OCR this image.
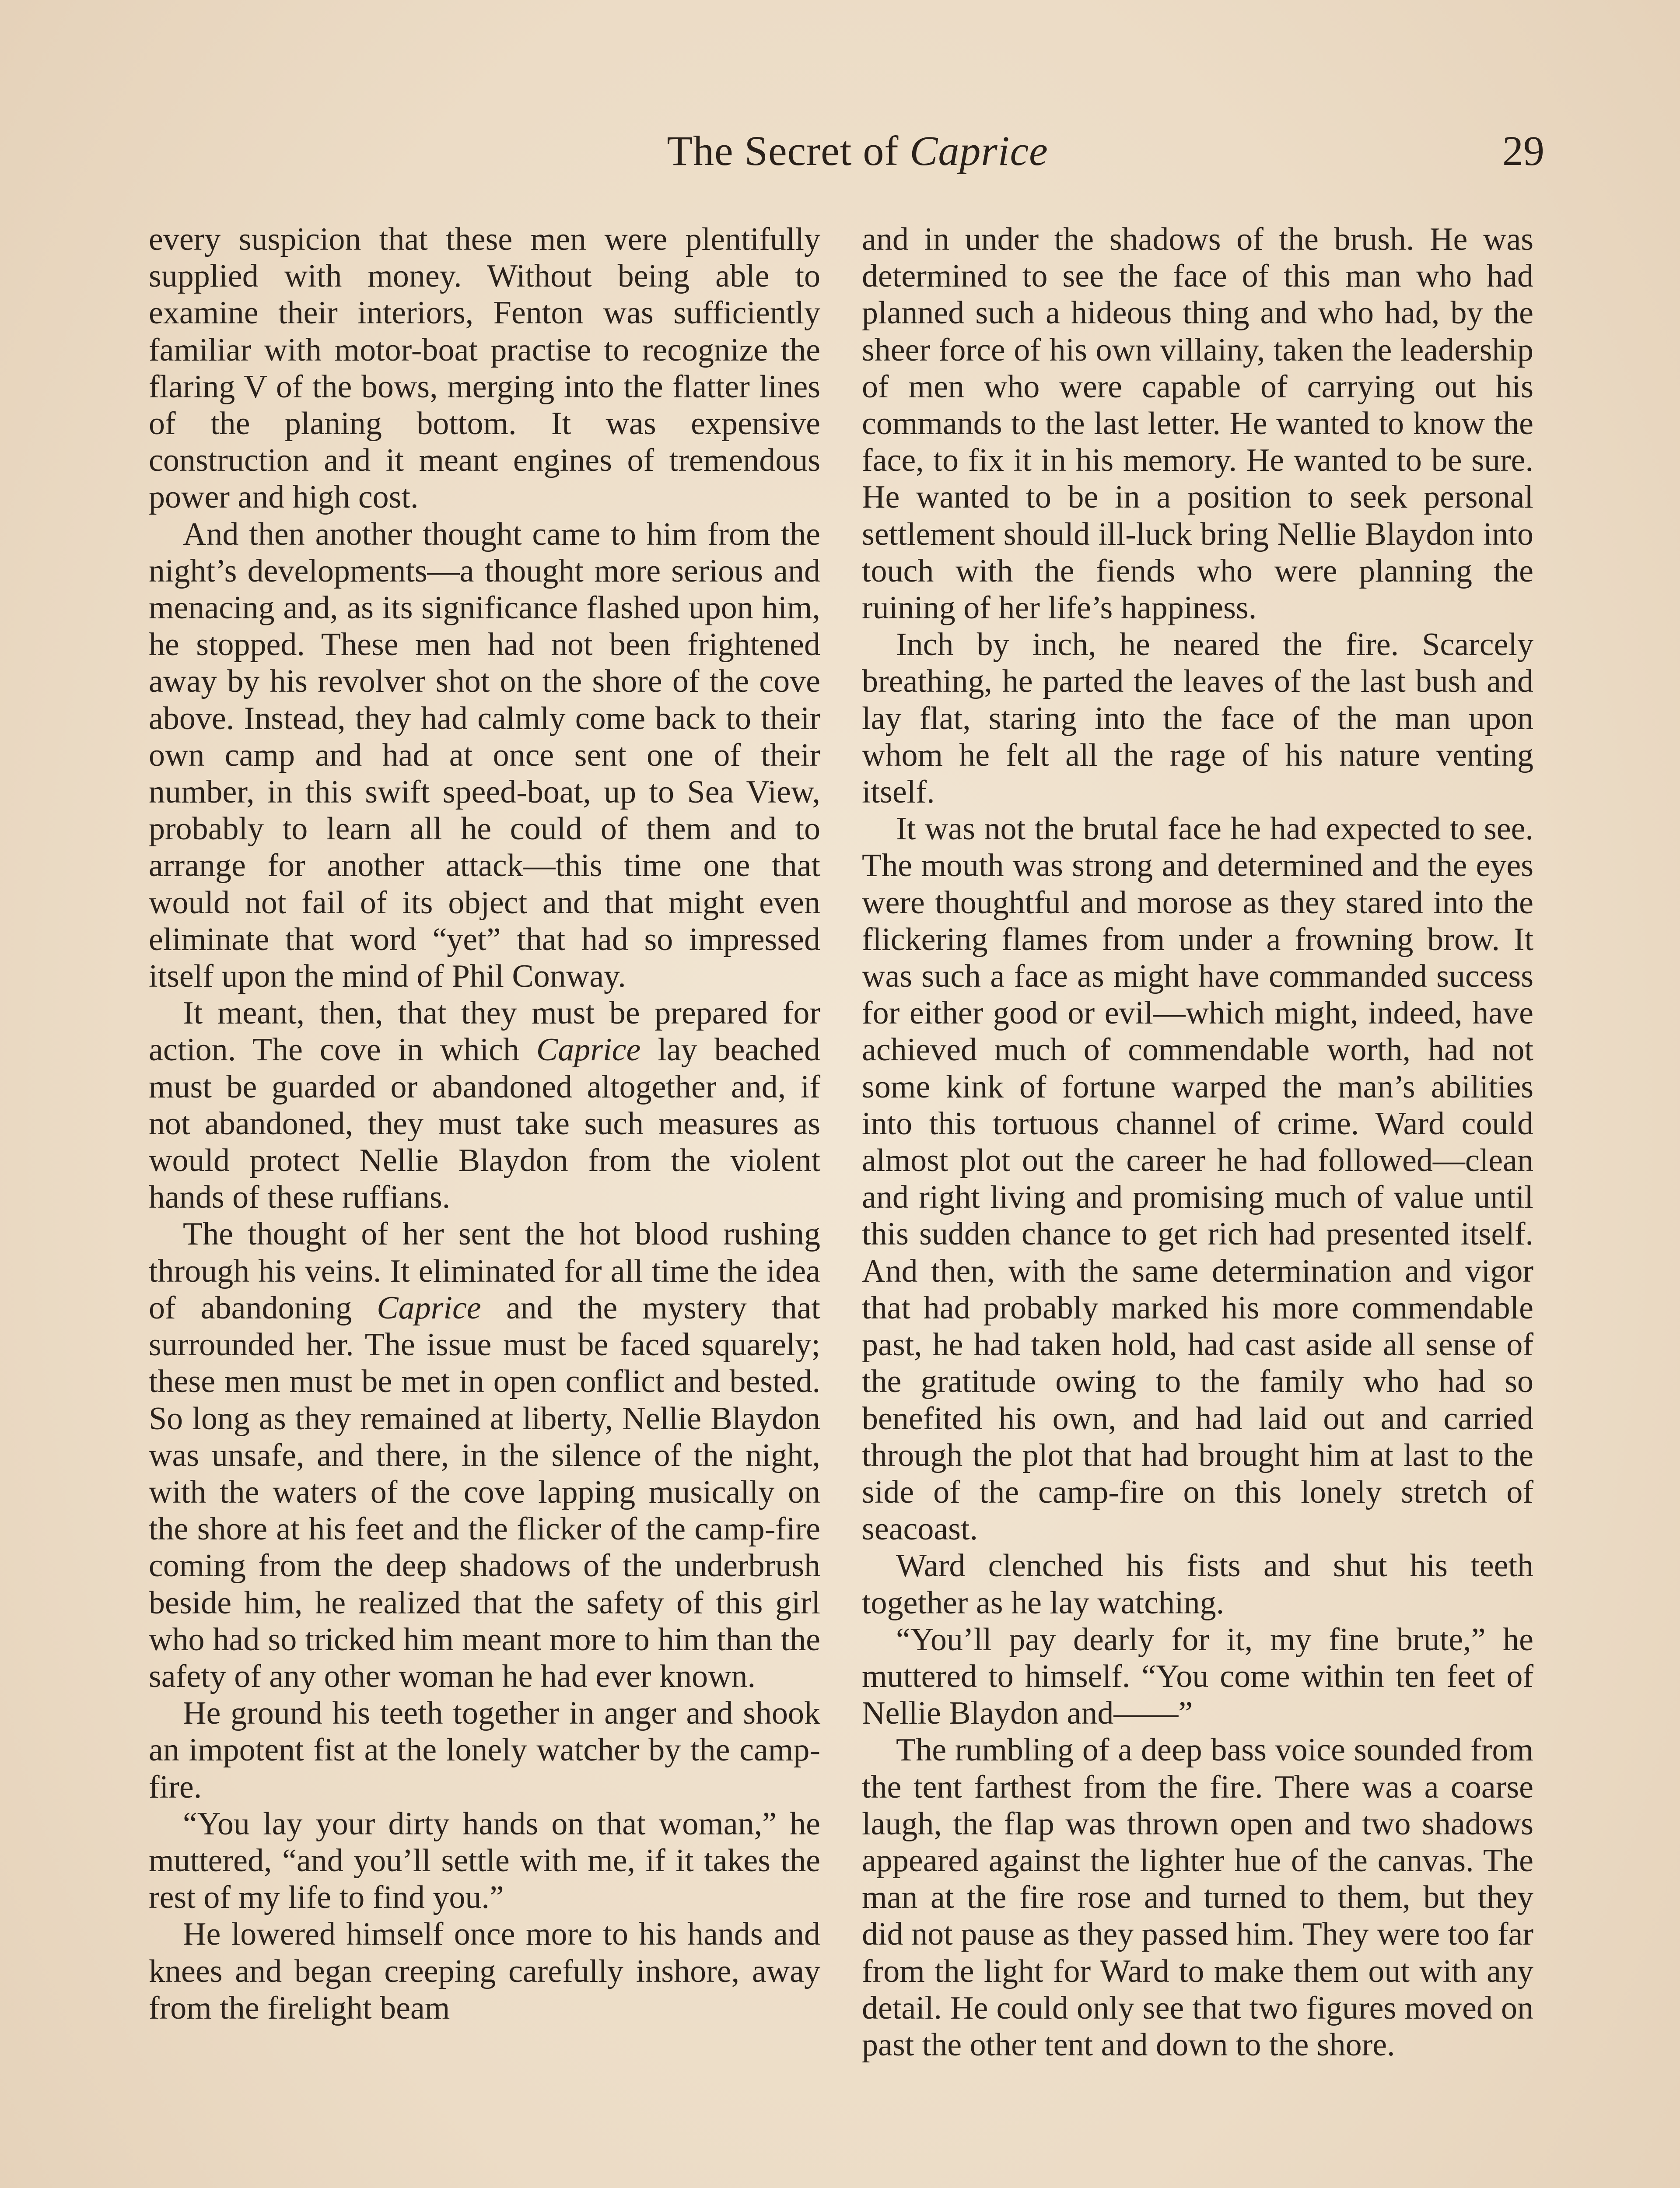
The Secret of Caprice	29

every suspicion that these men were plentifully supplied with money. Without being able to examine their interiors, Fenton was sufficiently familiar with motor-boat practise to recognize the flaring V of the bows, merging into the flatter lines of the planing bottom. It was expensive construction and it meant engines of tremendous power and high cost.

And then another thought came to him from the night’s developments—a thought more serious and menacing and, as its significance flashed upon him, he stopped. These men had not been frightened away by his revolver shot on the shore of the cove above. Instead, they had calmly come back to their own camp and had at once sent one of their number, in this swift speed-boat, up to Sea View, probably to learn all he could of them and to arrange for another attack—this time one that would not fail of its object and that might even eliminate that word “yet” that had so impressed itself upon the mind of Phil Conway.

It meant, then, that they must be prepared for action. The cove in which Caprice lay beached must be guarded or abandoned altogether and, if not abandoned, they must take such measures as would protect Nellie Blaydon from the violent hands of these ruffians.

The thought of her sent the hot blood rushing through his veins. It eliminated for all time the idea of abandoning Caprice and the mystery that surrounded her. The issue must be faced squarely; these men must be met in open conflict and bested. So long as they remained at liberty, Nellie Blaydon was unsafe, and there, in the silence of the night, with the waters of the cove lapping musically on the shore at his feet and the flicker of the camp-fire coming from the deep shadows of the underbrush beside him, he realized that the safety of this girl who had so tricked him meant more to him than the safety of any other woman he had ever known.

He ground his teeth together in anger and shook an impotent fist at the lonely watcher by the camp-fire.

“You lay your dirty hands on that woman,” he muttered, “and you’ll settle with me, if it takes the rest of my life to find you.”

He lowered himself once more to his hands and knees and began creeping carefully inshore, away from the firelight beam

and in under the shadows of the brush. He was determined to see the face of this man who had planned such a hideous thing and who had, by the sheer force of his own villainy, taken the leadership of men who were capable of carrying out his commands to the last letter. He wanted to know the face, to fix it in his memory. He wanted to be sure. He wanted to be in a position to seek personal settlement should ill-luck bring Nellie Blaydon into touch with the fiends who were planning the ruining of her life’s happiness.

Inch by inch, he neared the fire. Scarcely breathing, he parted the leaves of the last bush and lay flat, staring into the face of the man upon whom he felt all the rage of his nature venting itself.

It was not the brutal face he had expected to see. The mouth was strong and determined and the eyes were thoughtful and morose as they stared into the flickering flames from under a frowning brow. It was such a face as might have commanded success for either good or evil—which might, indeed, have achieved much of commendable worth, had not some kink of fortune warped the man’s abilities into this tortuous channel of crime. Ward could almost plot out the career he had followed—clean and right living and promising much of value until this sudden chance to get rich had presented itself. And then, with the same determination and vigor that had probably marked his more commendable past, he had taken hold, had cast aside all sense of the gratitude owing to the family who had so benefited his own, and had laid out and carried through the plot that had brought him at last to the side of the camp-fire on this lonely stretch of seacoast.

Ward clenched his fists and shut his teeth together as he lay watching.

“You’ll pay dearly for it, my fine brute,” he muttered to himself. “You come within ten feet of Nellie Blaydon and——”

The rumbling of a deep bass voice sounded from the tent farthest from the fire. There was a coarse laugh, the flap was thrown open and two shadows appeared against the lighter hue of the canvas. The man at the fire rose and turned to them, but they did not pause as they passed him. They were too far from the light for Ward to make them out with any detail. He could only see that two figures moved on past the other tent and down to the shore.
